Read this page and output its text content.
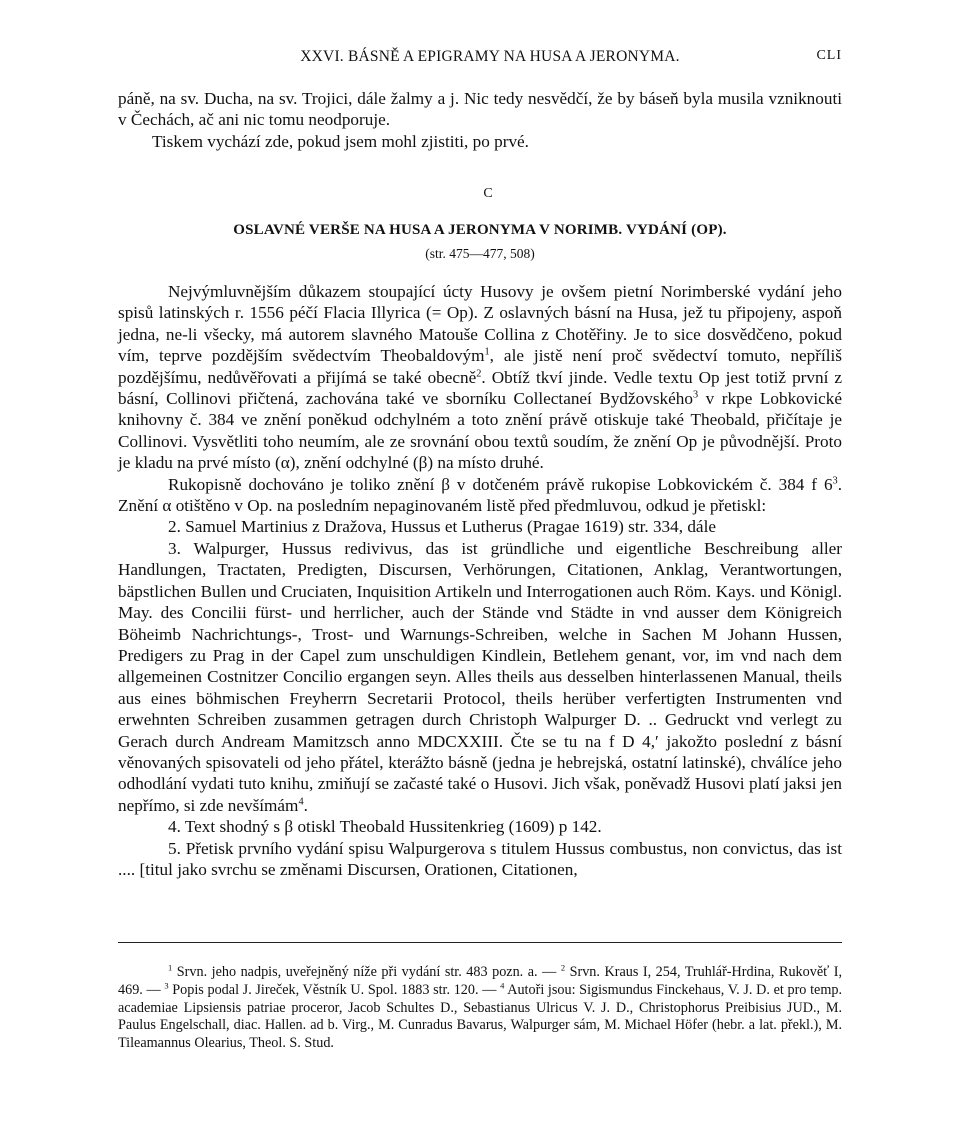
XXVI. BÁSNĚ A EPIGRAMY NA HUSA A JERONYMA.	CLI

páně, na sv. Ducha, na sv. Trojici, dále žalmy a j. Nic tedy nesvědčí, že by báseň byla musila vzniknouti v Čechách, ač ani nic tomu neodporuje.

Tiskem vychází zde, pokud jsem mohl zjistiti, po prvé.

C
OSLAVNÉ VERŠE NA HUSA A JERONYMA V NORIMB. VYDÁNÍ (OP).
(str. 475—477, 508)

Nejvýmluvnějším důkazem stoupající úcty Husovy je ovšem pietní Norimberské vydání jeho spisů latinských r. 1556 péčí Flacia Illyrica (= Op). Z oslavných básní na Husa, jež tu připojeny, aspoň jedna, ne-li všecky, má autorem slavného Matouše Collina z Chotěřiny. Je to sice dosvědčeno, pokud vím, teprve pozdějším svědectvím Theobaldovým$^1$, ale jistě není proč svědectví tomuto, nepříliš pozdějšímu, nedůvěřovati a přijímá se také obecně$^2$. Obtíž tkví jinde. Vedle textu Op jest totiž první z básní, Collinovi přičtená, zachována také ve sborníku Collectaneí Bydžovského$^3$ v rkpe Lobkovické knihovny č. 384 ve znění poněkud odchylném a toto znění právě otiskuje také Theobald, přičítaje je Collinovi. Vysvětliti toho neumím, ale ze srovnání obou textů soudím, že znění Op je původnější. Proto je kladu na prvé místo (α), znění odchylné (β) na místo druhé.

Rukopisně dochováno je toliko znění β v dotčeném právě rukopise Lobkovickém č. 384 f $6^3$. Znění α otištěno v Op. na posledním nepaginovaném listě před předmluvou, odkud je přetiskl:

2. Samuel Martinius z Dražova, Hussus et Lutherus (Pragae 1619) str. 334, dále

3. Walpurger, Hussus redivivus, das ist gründliche und eigentliche Beschreibung aller Handlungen, Tractaten, Predigten, Discursen, Verhörungen, Citationen, Anklag, Verantwortungen, bäpstlichen Bullen und Cruciaten, Inquisition Artikeln und Interrogationen auch Röm. Kays. und Königl. May. des Concilii fürst- und herrlicher, auch der Stände vnd Städte in vnd ausser dem Königreich Böheimb Nachrichtungs-, Trost- und Warnungs-Schreiben, welche in Sachen M Johann Hussen, Predigers zu Prag in der Capel zum unschuldigen Kindlein, Betlehem genant, vor, im vnd nach dem allgemeinen Costnitzer Concilio ergangen seyn. Alles theils aus desselben hinterlassenen Manual, theils aus eines böhmischen Freyherrn Secretarii Protocol, theils herüber verfertigten Instrumenten vnd erwehnten Schreiben zusammen getragen durch Christoph Walpurger D. .. Gedruckt vnd verlegt zu Gerach durch Andream Mamitzsch anno MDCXXIII. Čte se tu na f D 4,ʹ jakožto poslední z básní věnovaných spisovateli od jeho přátel, kterážto básně (jedna je hebrejská, ostatní latinské), chválíce jeho odhodlání vydati tuto knihu, zmiňují se začasté také o Husovi. Jich však, poněvadž Husovi platí jaksi jen nepřímo, si zde nevšímám$^4$.

4. Text shodný s β otiskl Theobald Hussitenkrieg (1609) p 142.

5. Přetisk prvního vydání spisu Walpurgerova s titulem Hussus combustus, non convictus, das ist .... [titul jako svrchu se změnami Discursen, Orationen, Citationen,

$^1$ Srvn. jeho nadpis, uveřejněný níže při vydání str. 483 pozn. a. — $^2$ Srvn. Kraus I, 254, Truhlář-Hrdina, Rukověť I, 469. — $^3$ Popis podal J. Jireček, Věstník U. Spol. 1883 str. 120. — $^4$ Autoři jsou: Sigismundus Finckehaus, V. J. D. et pro temp. academiae Lipsiensis patriae proceror, Jacob Schultes D., Sebastianus Ulricus V. J. D., Christophorus Preibisius JUD., M. Paulus Engelschall, diac. Hallen. ad b. Virg., M. Cunradus Bavarus, Walpurger sám, M. Michael Höfer (hebr. a lat. překl.), M. Tileamannus Olearius, Theol. S. Stud.
